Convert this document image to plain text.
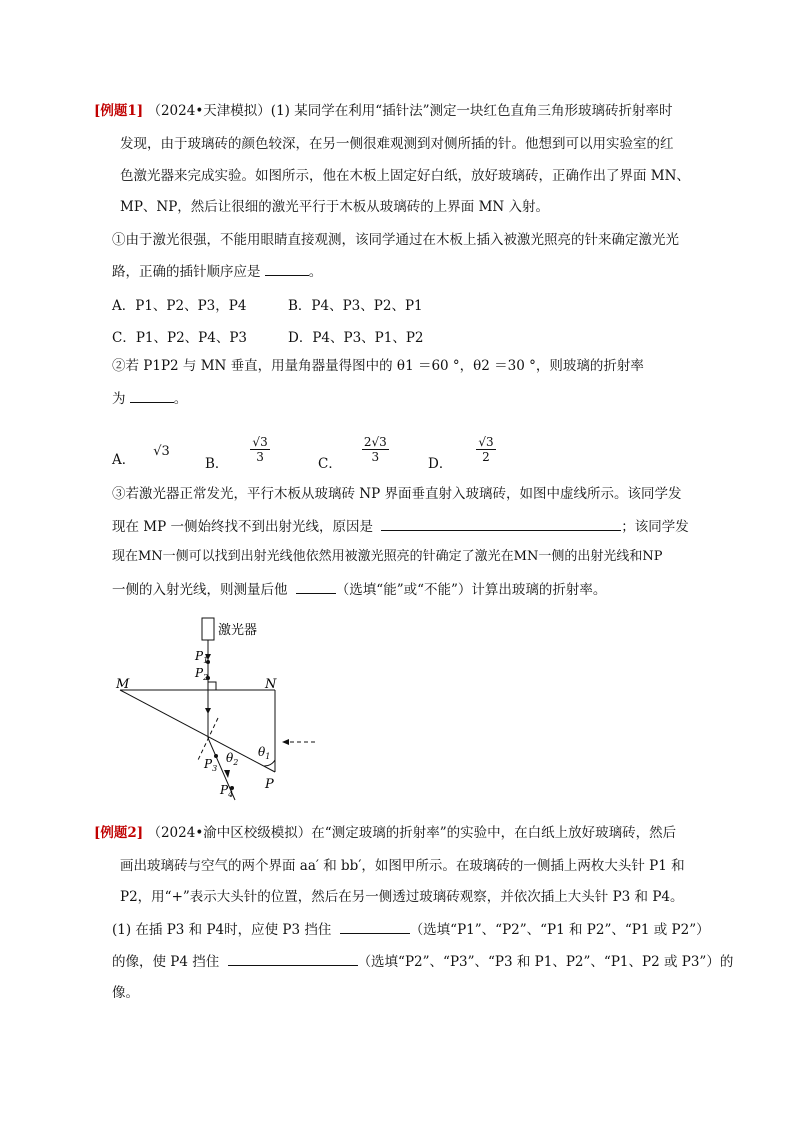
[例题1] （2024•天津模拟）(1) 某同学在利用“插针法”测定一块红色直角三角形玻璃砖折射率时
发现，由于玻璃砖的颜色较深，在另一侧很难观测到对侧所插的针。他想到可以用实验室的红
色激光器来完成实验。如图所示，他在木板上固定好白纸，放好玻璃砖，正确作出了界面 MN、
MP、NP，然后让很细的激光平行于木板从玻璃砖的上界面 MN 入射。
①由于激光很强，不能用眼睛直接观测，该同学通过在木板上插入被激光照亮的针来确定激光光
路，正确的插针顺序应是	。
A．P1、P2、P3，P4	B．P4、P3、P2、P1
C．P1、P2、P4、P3	D．P4、P3、P1、P2
②若 P1P2 与 MN 垂直，用量角器量得图中的 θ1 ＝60 °，θ2 ＝30 °，则玻璃的折射率
为	。
A．
√3
B． $\frac{√3}{3}$	C． $\frac{2√3}{3}$	D． $\frac{√3}{2}$
③若激光器正常发光，平行木板从玻璃砖 NP 界面垂直射入玻璃砖，如图中虚线所示。该同学发
现在 MP 一侧始终找不到出射光线，原因是	；该同学发
现在MN一侧可以找到出射光线他依然用被激光照亮的针确定了激光在MN一侧的出射光线和NP
一侧的入射光线，则测量后他	（选填“能”或“不能”）计算出玻璃的折射率。
激光器
$P_1$
$P_2$
M	N
P
$P_3$
$P_4$
$\theta_2$
$\theta_1$
[例题2] （2024•渝中区校级模拟）在“测定玻璃的折射率”的实验中，在白纸上放好玻璃砖，然后
画出玻璃砖与空气的两个界面 aa′ 和 bb′，如图甲所示。在玻璃砖的一侧插上两枚大头针 P1 和
P2，用“+”表示大头针的位置，然后在另一侧透过玻璃砖观察，并依次插上大头针 P3 和 P4。
(1) 在插 P3 和 P4时，应使 P3 挡住	（选填“P1”、“P2”、“P1 和 P2”、“P1 或 P2”）
的像，使 P4 挡住	（选填“P2”、“P3”、“P3 和 P1、P2”、“P1、P2 或 P3”）的
像。
